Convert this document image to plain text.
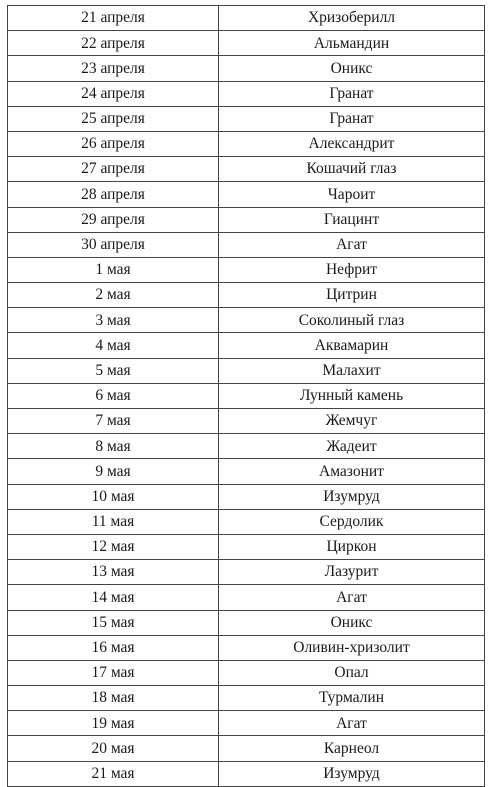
21 апреля	Хризоберилл
22 апреля	Альмандин
23 апреля	Оникс
24 апреля	Гранат
25 апреля	Гранат
26 апреля	Александрит
27 апреля	Кошачий глаз
28 апреля	Чароит
29 апреля	Гиацинт
30 апреля	Агат
1 мая	Нефрит
2 мая	Цитрин
3 мая	Соколиный глаз
4 мая	Аквамарин
5 мая	Малахит
6 мая	Лунный камень
7 мая	Жемчуг
8 мая	Жадеит
9 мая	Амазонит
10 мая	Изумруд
11 мая	Сердолик
12 мая	Циркон
13 мая	Лазурит
14 мая	Агат
15 мая	Оникс
16 мая	Оливин-хризолит
17 мая	Опал
18 мая	Турмалин
19 мая	Агат
20 мая	Карнеол
21 мая	Изумруд
